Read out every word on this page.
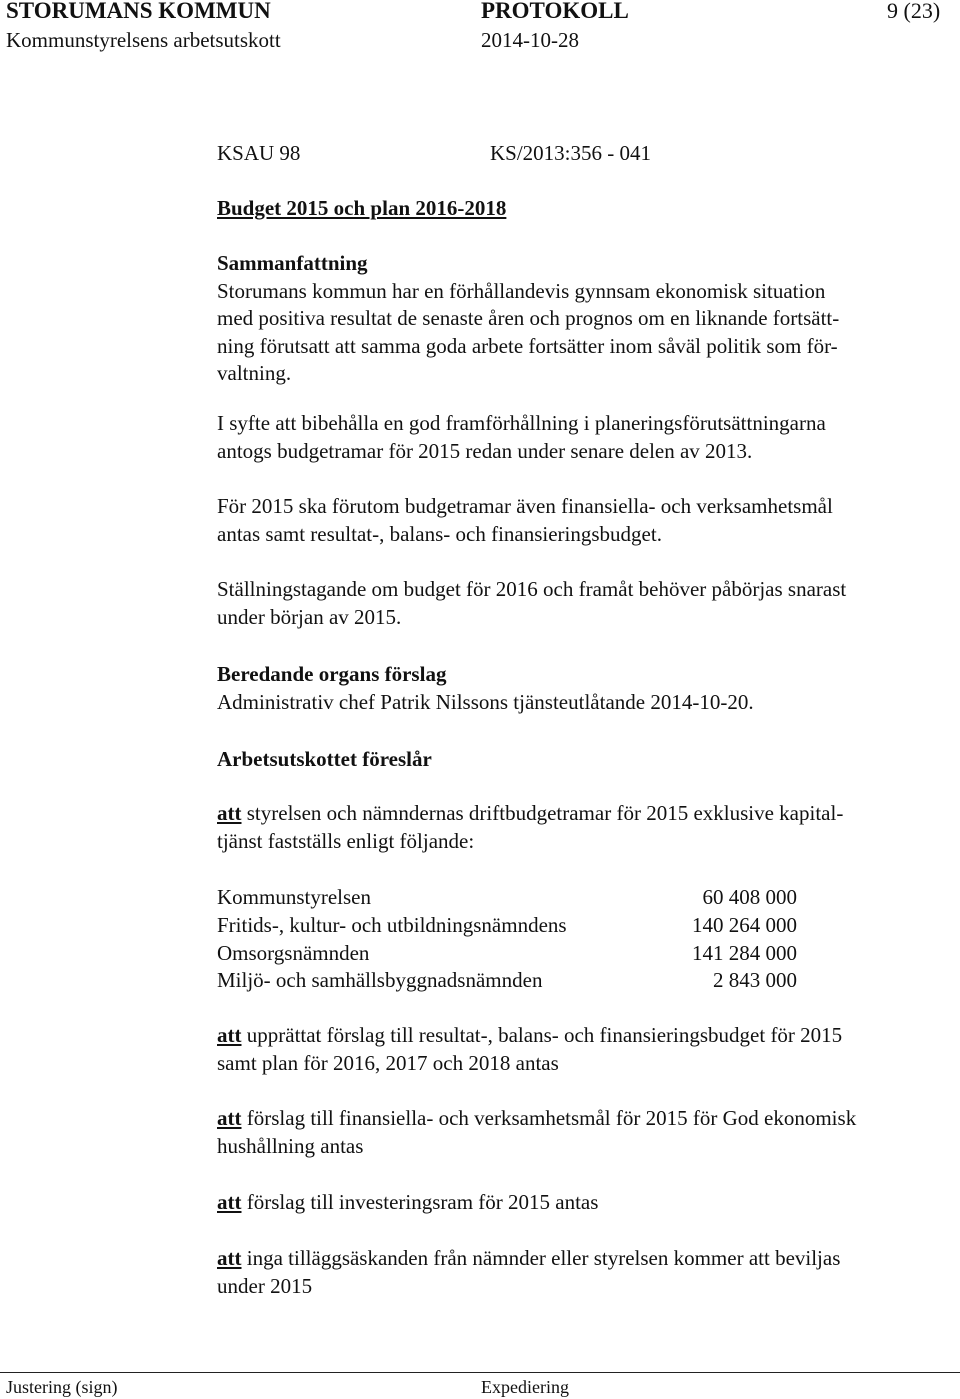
STORUMANS KOMMUN	PROTOKOLL	9 (23)
Kommunstyrelsens arbetsutskott	2014-10-28
KSAU 98	KS/2013:356 - 041
Budget 2015 och plan 2016-2018

Sammanfattning

Storumans kommun har en förhållandevis gynnsam ekonomisk situation

med positiva resultat de senaste åren och prognos om en liknande fortsätt-

ning förutsatt att samma goda arbete fortsätter inom såväl politik som för-

valtning.

I syfte att bibehålla en god framförhållning i planeringsförutsättningarna

antogs budgetramar för 2015 redan under senare delen av 2013.

För 2015 ska förutom budgetramar även finansiella- och verksamhetsmål

antas samt resultat-, balans- och finansieringsbudget.

Ställningstagande om budget för 2016 och framåt behöver påbörjas snarast

under början av 2015.

Beredande organs förslag

Administrativ chef Patrik Nilssons tjänsteutlåtande 2014-10-20.

Arbetsutskottet föreslår

att styrelsen och nämndernas driftbudgetramar för 2015 exklusive kapital-

tjänst fastställs enligt följande:

Kommunstyrelsen	60 408 000
Fritids-, kultur- och utbildningsnämndens	140 264 000
Omsorgsnämnden	141 284 000
Miljö- och samhällsbyggnadsnämnden	2 843 000

att upprättat förslag till resultat-, balans- och finansieringsbudget för 2015

samt plan för 2016, 2017 och 2018 antas

att förslag till finansiella- och verksamhetsmål för 2015 för God ekonomisk

hushållning antas

att förslag till investeringsram för 2015 antas

att inga tilläggsäskanden från nämnder eller styrelsen kommer att beviljas

under 2015

Justering (sign)	Expediering
